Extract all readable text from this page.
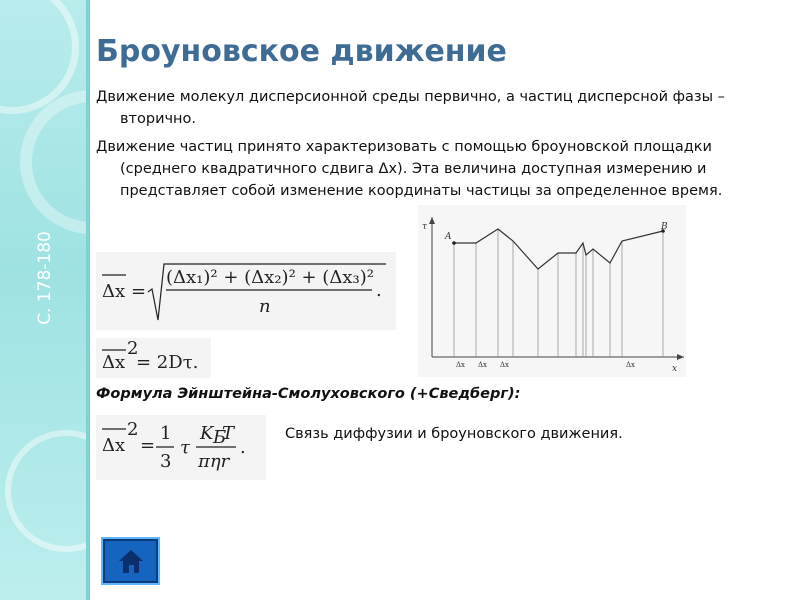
С. 178-180
Броуновское движение
Движение молекул дисперсионной среды первично, а частиц дисперсной фазы – вторично.
Движение частиц принято характеризовать с помощью броуновской площадки (среднего квадратичного сдвига Δx). Эта величина доступная измерению и представляет собой изменение координаты частицы за определенное время.
τ
x
A
B
Δx Δx Δx	Δx
Δx =
(Δx₁)² + (Δx₂)² + (Δx₃)²
n
.
Δx
2
= 2Dτ.
Формула Эйнштейна-Смолуховского (+Сведберг):
Δx
2
=
1
3
τ
K Б
T
πηr
.
Связь диффузии и броуновского движения.
